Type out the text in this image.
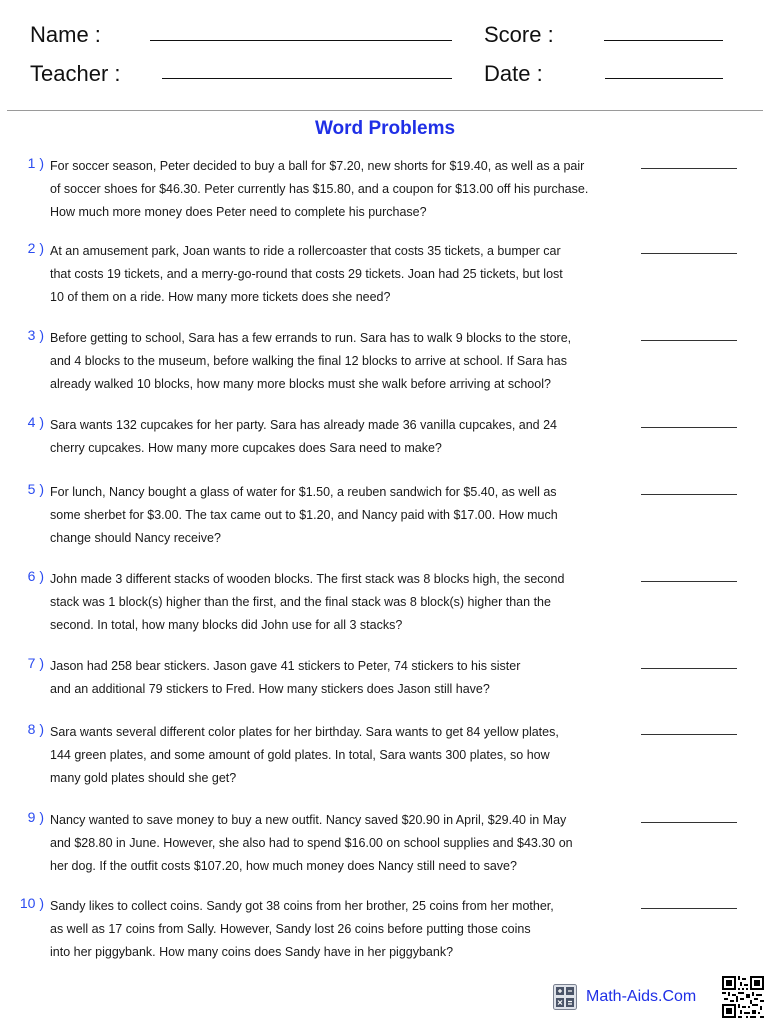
Name :
Teacher :
Score :
Date :
Word Problems
1 ) For soccer season, Peter decided to buy a ball for $7.20, new shorts for $19.40, as well as a pair
of soccer shoes for $46.30. Peter currently has $15.80, and a coupon for $13.00 off his purchase.
How much more money does Peter need to complete his purchase?
2 ) At an amusement park, Joan wants to ride a rollercoaster that costs 35 tickets, a bumper car
that costs 19 tickets, and a merry-go-round that costs 29 tickets. Joan had 25 tickets, but lost
10 of them on a ride. How many more tickets does she need?
3 ) Before getting to school, Sara has a few errands to run. Sara has to walk 9 blocks to the store,
and 4 blocks to the museum, before walking the final 12 blocks to arrive at school. If Sara has
already walked 10 blocks, how many more blocks must she walk before arriving at school?
4 ) Sara wants 132 cupcakes for her party. Sara has already made 36 vanilla cupcakes, and 24
cherry cupcakes. How many more cupcakes does Sara need to make?
5 ) For lunch, Nancy bought a glass of water for $1.50, a reuben sandwich for $5.40, as well as
some sherbet for $3.00. The tax came out to $1.20, and Nancy paid with $17.00. How much
change should Nancy receive?
6 ) John made 3 different stacks of wooden blocks. The first stack was 8 blocks high, the second
stack was 1 block(s) higher than the first, and the final stack was 8 block(s) higher than the
second. In total, how many blocks did John use for all 3 stacks?
7 ) Jason had 258 bear stickers. Jason gave 41 stickers to Peter, 74 stickers to his sister
and an additional 79 stickers to Fred. How many stickers does Jason still have?
8 ) Sara wants several different color plates for her birthday. Sara wants to get 84 yellow plates,
144 green plates, and some amount of gold plates. In total, Sara wants 300 plates, so how
many gold plates should she get?
9 ) Nancy wanted to save money to buy a new outfit. Nancy saved $20.90 in April, $29.40 in May
and $28.80 in June. However, she also had to spend $16.00 on school supplies and $43.30 on
her dog. If the outfit costs $107.20, how much money does Nancy still need to save?
10 ) Sandy likes to collect coins. Sandy got 38 coins from her brother, 25 coins from her mother,
as well as 17 coins from Sally. However, Sandy lost 26 coins before putting those coins
into her piggybank. How many coins does Sandy have in her piggybank?
Math-Aids.Com
